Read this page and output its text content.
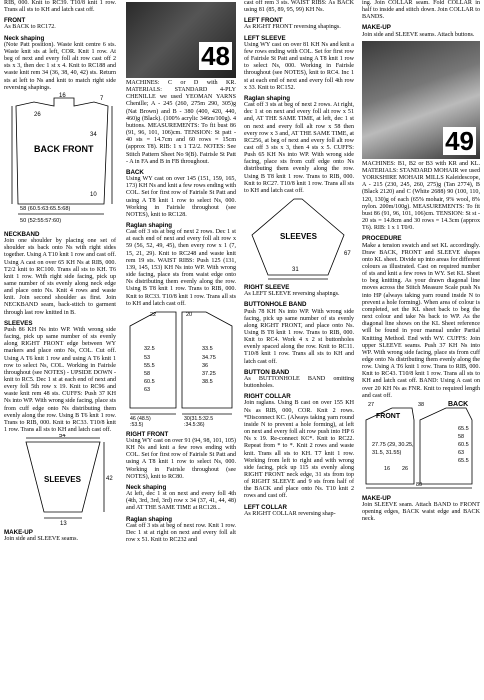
RIB, 000. Knit to RC39. T10/8 knit 1 row. Trans all sts to KH and latch cast off.

FRONT

As BACK to RC172.

Neck shaping

(Note Patt position). Waste knit centre 6 sts. Waste knit sts at left, COR. Knit 1 row. At beg of next and every foll alt row cast off 2 sts x 3, then dec 1 st x 4. Knit to RC188 and waste knit rem 34 (36, 38, 40, 42) sts. Return sts at left to Ns and knit to match right side reversing shapings.

BACK FRONT
16
26
7
34
10
58 (60.5:63:65.5:68)
50 (52:55:57:60)

NECKBAND

Join one shoulder by placing one set of shoulder sts back onto Ns with right sides together. Using A T10 knit 1 row and cast off. Using A cast on over 65 KH Ns at RIB, 000. T2/2 knit to RC100. Trans all sts to KH. T6 knit 1 row. With right side facing, pick up same number of sts evenly along neck edge and place onto Ns. Knit 4 rows and waste knit. Join second shoulder as first. Join NECKBAND seam, back-stitch to garment through last row knitted in B.

SLEEVES

Push 86 KH Ns into WP. With wrong side facing, pick up same number of sts evenly along RIGHT FRONT edge between WY markers and place onto Ns, COL. Cut off. Using A T6 knit 1 row and using A T6 knit 1 row to select Ns, COL. Working in Fairisle throughout (see NOTES) - UPSIDE DOWN - knit to RC5. Dec 1 st at each end of next and every foll 5th row x 19. Knit to RC96 and waste knit rem 48 sts. CUFFS: Push 37 KH Ns into WP. With wrong side facing, place sts from cuff edge onto Ns distributing them evenly along the row. Using B T6 knit 1 row. Trans to RIB, 000. Knit to RC33. T10/8 knit 1 row. Trans all sts to KH and latch cast off.

54
SLEEVES	42
13

MAKE-UP

Join side and SLEEVE seams.

48

MACHINES: C or D with KR. MATERIALS: STANDARD 4-PLY CHENILLE we used YEOMAN YARNS Chenille; A - 245 (260, 275m 290, 305)g (Nat Brown) and B - 380 (400, 420, 440, 460)g (Black). (100% acrylic 346m/100g). 4 buttons. MEASUREMENTS: To fit bust 86 (91, 96, 101, 106)cm. TENSION: St patt - 40 sts = 14.7cm and 60 rows = 15cm (approx T8). RIB: 1 x 1 T2/2. NOTES: See Stitch Pattern Sheet No 9(B). Fairisle St Patt - A in FA and B in FB throughout.

BACK

Using WY cast on over 145 (151, 159, 165, 173) KH Ns and knit a few rows ending with COL. Set for first row of Fairisle St Patt and using A T8 knit 1 row to select Ns, 000. Working in Fairisle throughout (see NOTES), knit to RC128.

Raglan shaping

Cast off 3 sts at beg of next 2 rows. Dec 1 st at each end of next and every foll alt row x 59 (56, 52, 49, 45), then every row x 1 (7, 15, 21, 29). Knit to RC248 and waste knit rem 19 sts. WAIST RIBS: Push 125 (131, 139, 145, 153) KH Ns into WP. With wrong side facing, place sts from waist edge onto Ns distributing them evenly along the row. Using B T8 knit 1 row. Trans to RIB, 000. Knit to RC33. T10/8 knit 1 row. Trans all sts to KH and latch cast off.

20
22
32.5
53
55.5
58
60.5
63
33.5
34.75
36
37.25
38.5
46 (48.5)
:53.5)
30(31.5:32.5
:34.5:36)

RIGHT FRONT

Using WY cast on over 91 (94, 98, 101, 105) KH Ns and knit a few rows ending with COL. Set for first row of Fairisle St Patt and using A T8 knit 1 row to select Ns, 000. Working in Fairisle throughout (see NOTES), knit to RC80.

Neck shaping

At left, dec 1 st on next and every foll 4th (4th, 3rd, 3rd, 3rd) row x 34 (37, 41, 44, 48) and AT THE SAME TIME at RC128...

Raglan shaping

Cast off 3 sts at beg of next row. Knit 1 row. Dec 1 st at right on next and every foll alt row x 51. Knit to RC232 and

cast off rem 3 sts. WAIST RIBS: As BACK using 81 (85, 89, 95, 99) KH Ns.

LEFT FRONT

As RIGHT FRONT reversing shapings.

LEFT SLEEVE

Using WY cast on over 81 KH Ns and knit a few rows ending with COL. Set for first row of Fairisle St Patt and using A T8 knit 1 row to select Ns, 000. Working in Fairisle throughout (see NOTES), knit to RC4. Inc 1 st at each end of next and every foll 4th row x 33. Knit to RC152.

Raglan shaping

Cast off 3 sts at beg of next 2 rows. At right, dec 1 st on next and every foll alt row x 51 and, AT THE SAME TIME, at left, dec 1 st on next and every foll alt row x 58 then every row x 3 and, AT THE SAME TIME, at RC256, at beg of next and every foll alt row cast off 3 sts x 3, then 4 sts x 5. CUFFS: Push 65 KH Ns into WP. With wrong side facing, place sts from cuff edge onto Ns distributing them evenly along the row. Using B T8 knit 1 row. Trans to RIB, 000. Knit to RC27. T10/8 knit 1 row. Trans all sts to KH and latch cast off.

SLEEVES
67
31

RIGHT SLEEVE

As LEFT SLEEVE reversing shapings.

BUTTONHOLE BAND

Push 78 KH Ns into WP. With wrong side facing, pick up same number of sts evenly along RIGHT FRONT, and place onto Ns. Using B T8 knit 1 row. Trans to RIB, 000. Knit to RC4. Work 4 x 2 st buttonholes evenly spaced along the row. Knit to RC11. T10/8 knit 1 row. Trans all sts to KH and latch cast off.

BUTTON BAND

As BUTTONHOLE BAND omitting buttonholes.

RIGHT COLLAR

Join raglans. Using B cast on over 155 KH Ns as RIB, 000, COR. Knit 2 rows. *Disconnect KC. (Always taking yarn round inside N to prevent a hole forming), at left on next and every foll alt row push into HP 6 Ns x 19. Re-connect KC*. Knit to RC22. Repeat from * to *. Knit 2 rows and waste knit. Trans all sts to KH. T7 knit 1 row. Working from left to right and with wrong side facing, pick up 115 sts evenly along RIGHT FRONT neck edge, 31 sts from top of RIGHT SLEEVE and 9 sts from half of the BACK and place onto Ns. T10 knit 2 rows and cast off.

LEFT COLLAR

As RIGHT COLLAR reversing shap-

ing. Join COLLAR seam. Fold COLLAR in half to inside and stitch down. Join COLLAR to BANDS.

MAKE-UP

Join side and SLEEVE seams. Attach buttons.

49

MACHINES: B1, B2 or B3 with KR and KL. MATERIALS: STANDARD MOHAIR we used YORKSHIRE MOHAIR MILLS Kaleidescope, A - 215 (230, 245, 260, 275)g (Tan 2774), B (Black 2120) and C (White 2688) 90 (100, 110, 120, 130)g of each (65% mohair, 9% wool, 8% nylon. 200m/100g). MEASUREMENTS: To fit bust 86 (91, 96, 101, 106)cm. TENSION: St st - 20 sts = 14.8cm and 30 rows = 14.3cm (approx T6). RIB: 1 x 1 T0/0.

PROCEDURE

Make a tension swatch and set KL accordingly. Draw BACK, FRONT and SLEEVE shapes onto KL sheet. Divide up into areas for different colours as illustrated. Cast on required number of sts and knit a few rows in WY. Set KL Sheet to beg knitting. As your drawn diagonal line moves across the Stitch Measure Scale push Ns into HP (always taking yarn round inside N to prevent a hole forming). When area of colour is completed, set the KL sheet back to beg the next colour and take Ns back to WP. As the diagonal line shows on the KL Sheet reference will be found in your manual under Partial Knitting Method. End with WY. CUFFS: Join upper SLEEVE seams. Push 37 KH Ns into WP. With wrong side facing, place sts from cuff edge onto Ns distributing them evenly along the row. Using A T6 knit 1 row. Trans to RIB, 000. Knit to RC43. T10/8 knit 1 row. Trans all sts to KH and latch cast off. BAND: Using A cast on over 20 KH Ns as FNR. Knit to required length and cast off.

FRONT
BACK
27	38
65.5
58
60.5
63
65.5
27.75 (29, 30.25,
31.5, 31.55)
16 26
80

MAKE-UP

Join SLEEVE seam. Attach BAND to FRONT opening edges, BACK waist edge and BACK neck.
